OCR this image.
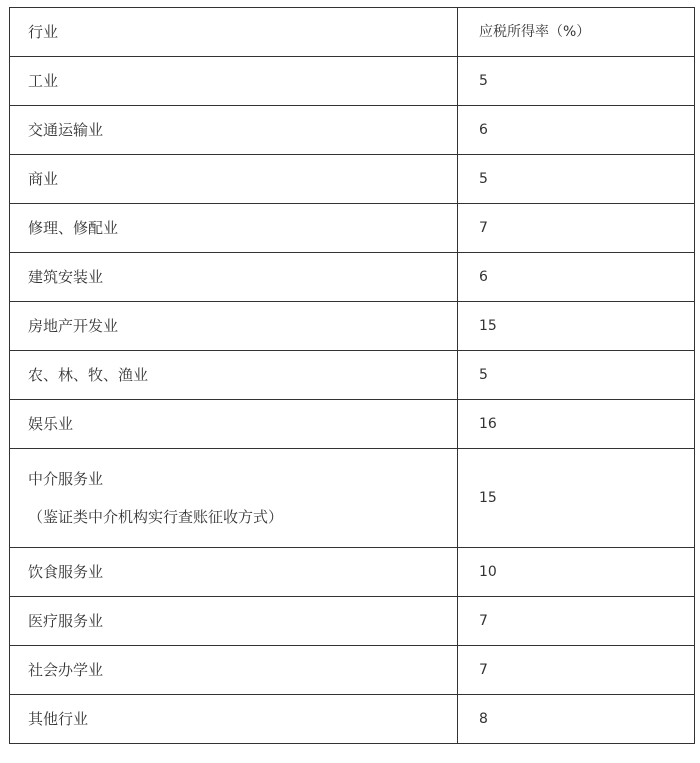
行业	应税所得率（%）
工业	5
交通运输业	6
商业	5
修理、修配业	7
建筑安装业	6
房地产开发业	15
农、林、牧、渔业	5
娱乐业	16
中介服务业
（鉴证类中介机构实行查账征收方式）	15
饮食服务业	10
医疗服务业	7
社会办学业	7
其他行业	8
